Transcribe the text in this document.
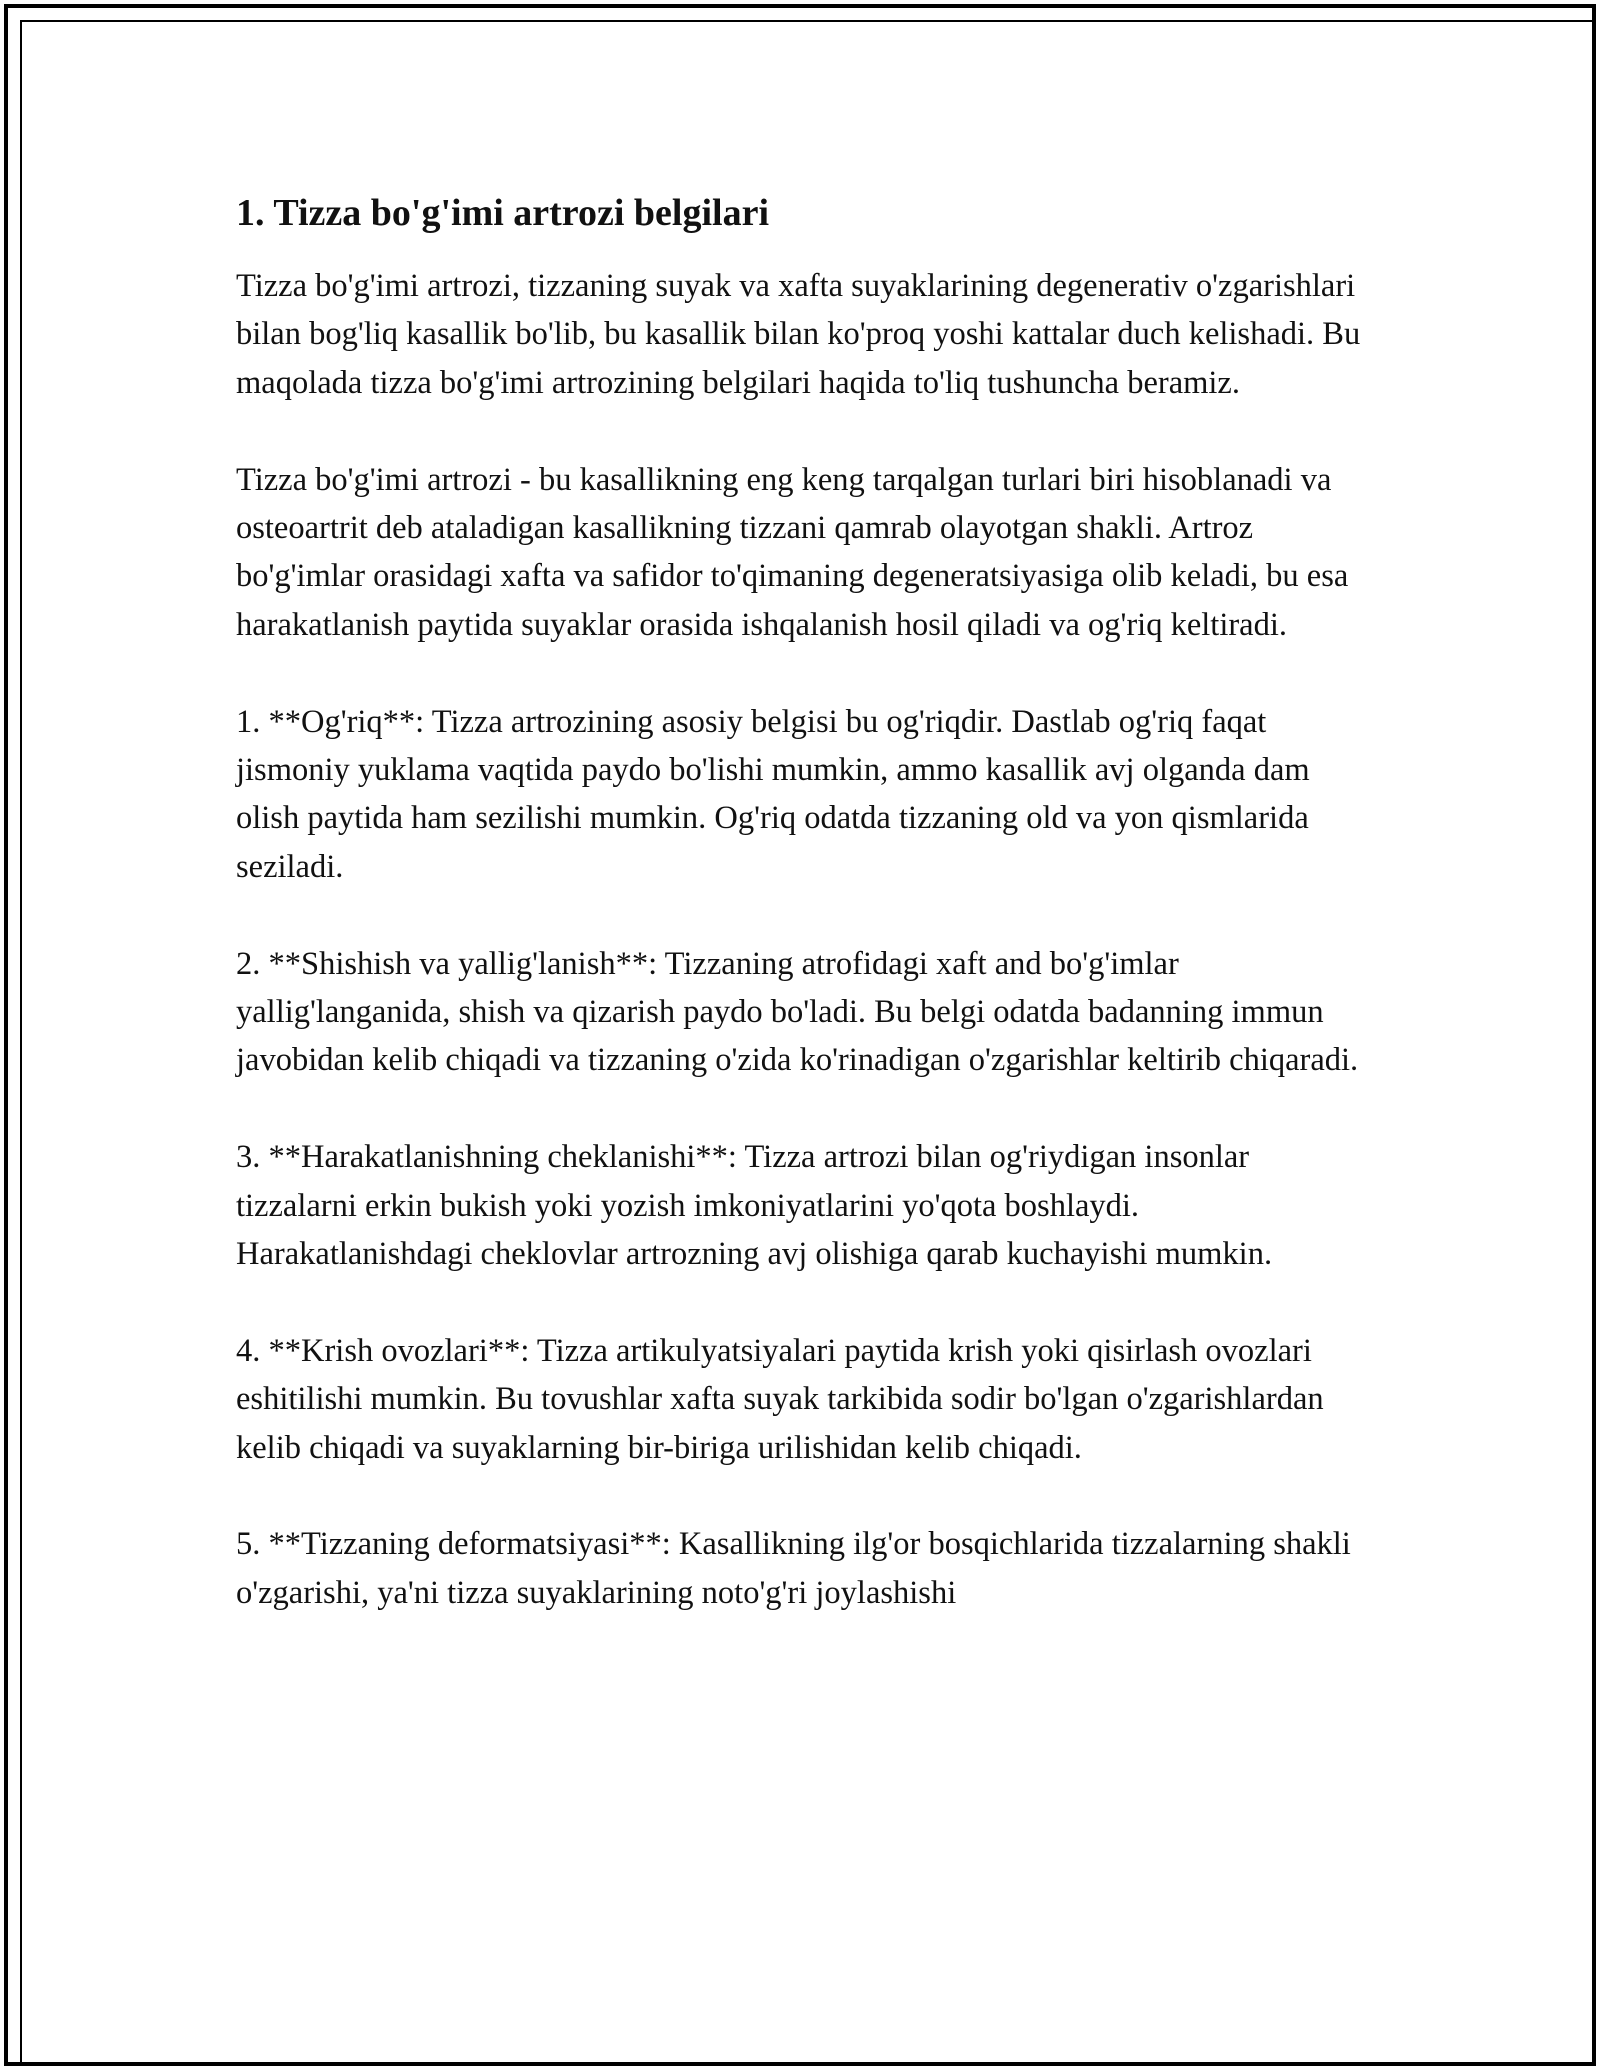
1. Tizza bo'g'imi artrozi belgilari

Tizza bo'g'imi artrozi, tizzaning suyak va xafta suyaklarining degenerativ o'zgarishlari bilan bog'liq kasallik bo'lib, bu kasallik bilan ko'proq yoshi kattalar duch kelishadi. Bu maqolada tizza bo'g'imi artrozining belgilari haqida to'liq tushuncha beramiz.

Tizza bo'g'imi artrozi - bu kasallikning eng keng tarqalgan turlari biri hisoblanadi va osteoartrit deb ataladigan kasallikning tizzani qamrab olayotgan shakli. Artroz bo'g'imlar orasidagi xafta va safidor to'qimaning degeneratsiyasiga olib keladi, bu esa harakatlanish paytida suyaklar orasida ishqalanish hosil qiladi va og'riq keltiradi.

1. **Og'riq**: Tizza artrozining asosiy belgisi bu og'riqdir. Dastlab og'riq faqat jismoniy yuklama vaqtida paydo bo'lishi mumkin, ammo kasallik avj olganda dam olish paytida ham sezilishi mumkin. Og'riq odatda tizzaning old va yon qismlarida seziladi.

2. **Shishish va yallig'lanish**: Tizzaning atrofidagi xaft and bo'g'imlar yallig'langanida, shish va qizarish paydo bo'ladi. Bu belgi odatda badanning immun javobidan kelib chiqadi va tizzaning o'zida ko'rinadigan o'zgarishlar keltirib chiqaradi.

3. **Harakatlanishning cheklanishi**: Tizza artrozi bilan og'riydigan insonlar tizzalarni erkin bukish yoki yozish imkoniyatlarini yo'qota boshlaydi. Harakatlanishdagi cheklovlar artrozning avj olishiga qarab kuchayishi mumkin.

4. **Krish ovozlari**: Tizza artikulyatsiyalari paytida krish yoki qisirlash ovozlari eshitilishi mumkin. Bu tovushlar xafta suyak tarkibida sodir bo'lgan o'zgarishlardan kelib chiqadi va suyaklarning bir-biriga urilishidan kelib chiqadi.

5. **Tizzaning deformatsiyasi**: Kasallikning ilg'or bosqichlarida tizzalarning shakli o'zgarishi, ya'ni tizza suyaklarining noto'g'ri joylashishi
